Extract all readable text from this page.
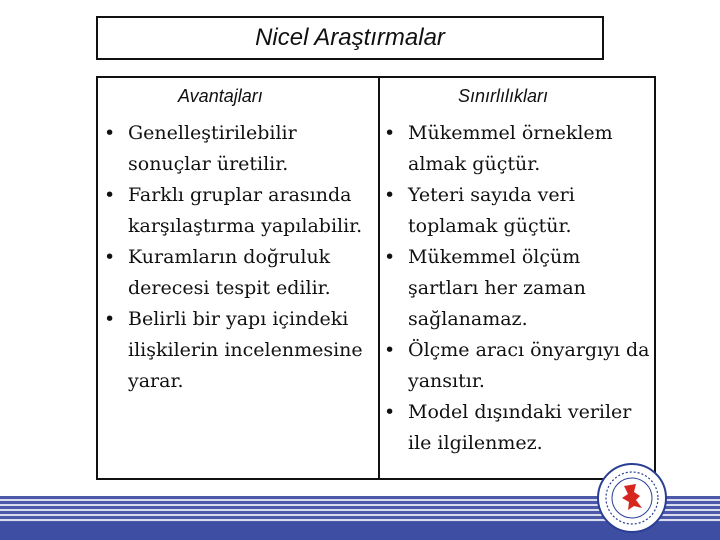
Nicel Araştırmalar
Avantajları	Sınırlılıkları
• Genelleştirilebilir sonuçlar üretilir.
• Farklı gruplar arasında karşılaştırma yapılabilir.
• Kuramların doğruluk derecesi tespit edilir.
• Belirli bir yapı içindeki ilişkilerin incelenmesine yarar.
• Mükemmel örneklem almak güçtür.
• Yeteri sayıda veri toplamak güçtür.
• Mükemmel ölçüm şartları her zaman sağlanamaz.
• Ölçme aracı önyargıyı da yansıtır.
• Model dışındaki veriler ile ilgilenmez.
